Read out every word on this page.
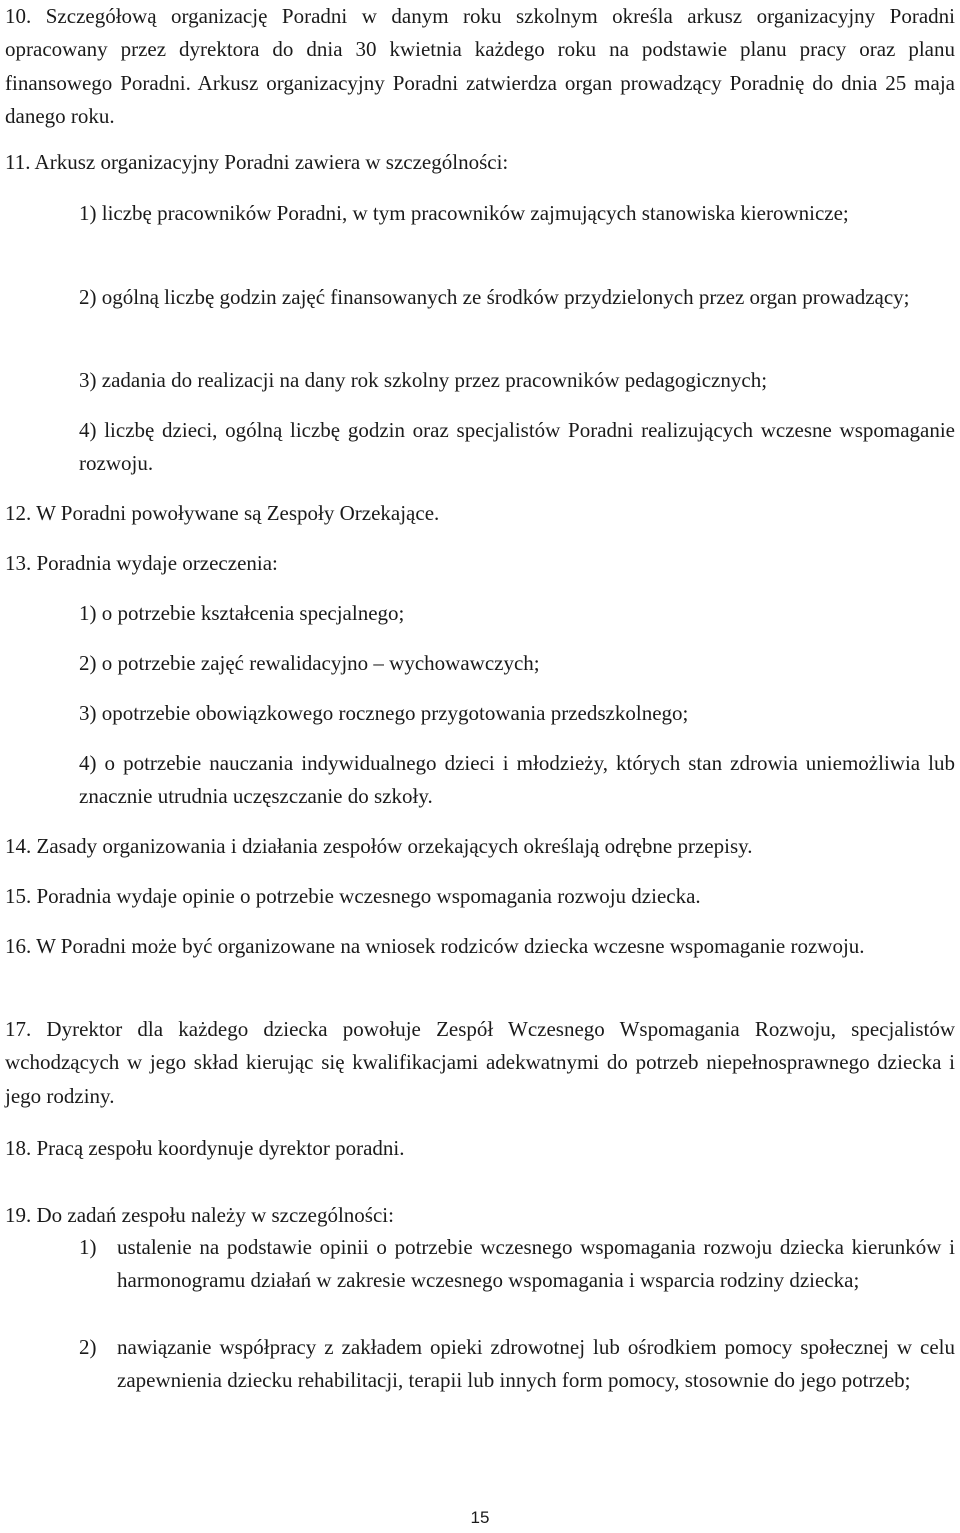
10. Szczegółową organizację Poradni w danym roku szkolnym określa arkusz organizacyjny Poradni opracowany przez dyrektora do dnia 30 kwietnia każdego roku na podstawie planu pracy oraz planu finansowego Poradni. Arkusz organizacyjny Poradni zatwierdza organ prowadzący Poradnię do dnia 25 maja danego roku.

11. Arkusz organizacyjny Poradni zawiera w szczególności:

1) liczbę pracowników Poradni, w tym pracowników zajmujących stanowiska kierownicze;

2) ogólną liczbę godzin zajęć finansowanych ze środków przydzielonych przez organ prowadzący;

3) zadania do realizacji na dany rok szkolny przez pracowników pedagogicznych;

4) liczbę dzieci, ogólną liczbę godzin oraz specjalistów Poradni realizujących wczesne wspomaganie rozwoju.

12. W Poradni powoływane są Zespoły Orzekające.

13. Poradnia wydaje orzeczenia:

1) o potrzebie kształcenia specjalnego;

2) o potrzebie zajęć rewalidacyjno – wychowawczych;

3) opotrzebie obowiązkowego rocznego przygotowania przedszkolnego;

4) o potrzebie nauczania indywidualnego dzieci i młodzieży, których stan zdrowia uniemożliwia lub znacznie utrudnia uczęszczanie do szkoły.

14. Zasady organizowania i działania zespołów orzekających określają odrębne przepisy.

15. Poradnia wydaje opinie o potrzebie wczesnego wspomagania rozwoju dziecka.

16. W Poradni może być organizowane na wniosek rodziców dziecka wczesne wspomaganie rozwoju.

17. Dyrektor dla każdego dziecka powołuje Zespół Wczesnego Wspomagania Rozwoju, specjalistów wchodzących w jego skład kierując się kwalifikacjami adekwatnymi do potrzeb niepełnosprawnego dziecka i jego rodziny.

18. Pracą zespołu koordynuje dyrektor poradni.

19. Do zadań zespołu należy w szczególności:

1) ustalenie na podstawie opinii o potrzebie wczesnego wspomagania rozwoju dziecka kierunków i harmonogramu działań w zakresie wczesnego wspomagania i wsparcia rodziny dziecka;

2) nawiązanie współpracy z zakładem opieki zdrowotnej lub ośrodkiem pomocy społecznej w celu zapewnienia dziecku rehabilitacji, terapii lub innych form pomocy, stosownie do jego potrzeb;

15
